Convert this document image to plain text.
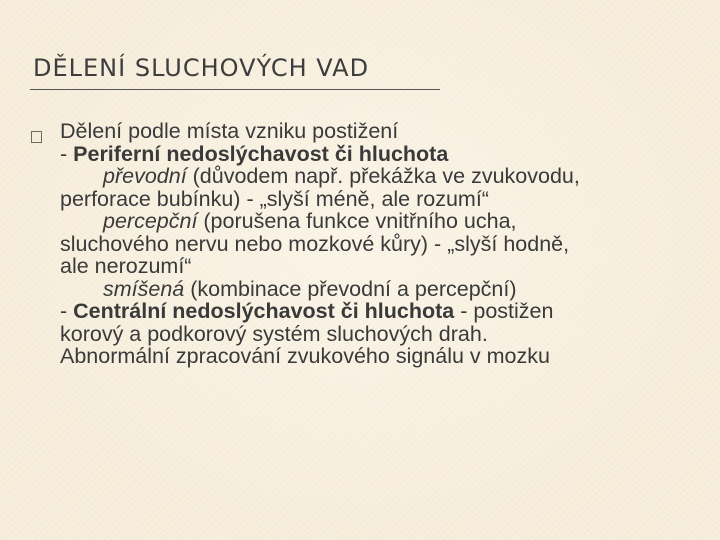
DĚLENÍ SLUCHOVÝCH VAD
Dělení podle místa vzniku postižení
- Periferní nedoslýchavost či hluchota
převodní (důvodem např. překážka ve zvukovodu,
perforace bubínku) - „slyší méně, ale rozumí“
percepční (porušena funkce vnitřního ucha,
sluchového nervu nebo mozkové kůry) - „slyší hodně,
ale nerozumí“
smíšená (kombinace převodní a percepční)
- Centrální nedoslýchavost či hluchota - postižen
korový a podkorový systém sluchových drah.
Abnormální zpracování zvukového signálu v mozku
